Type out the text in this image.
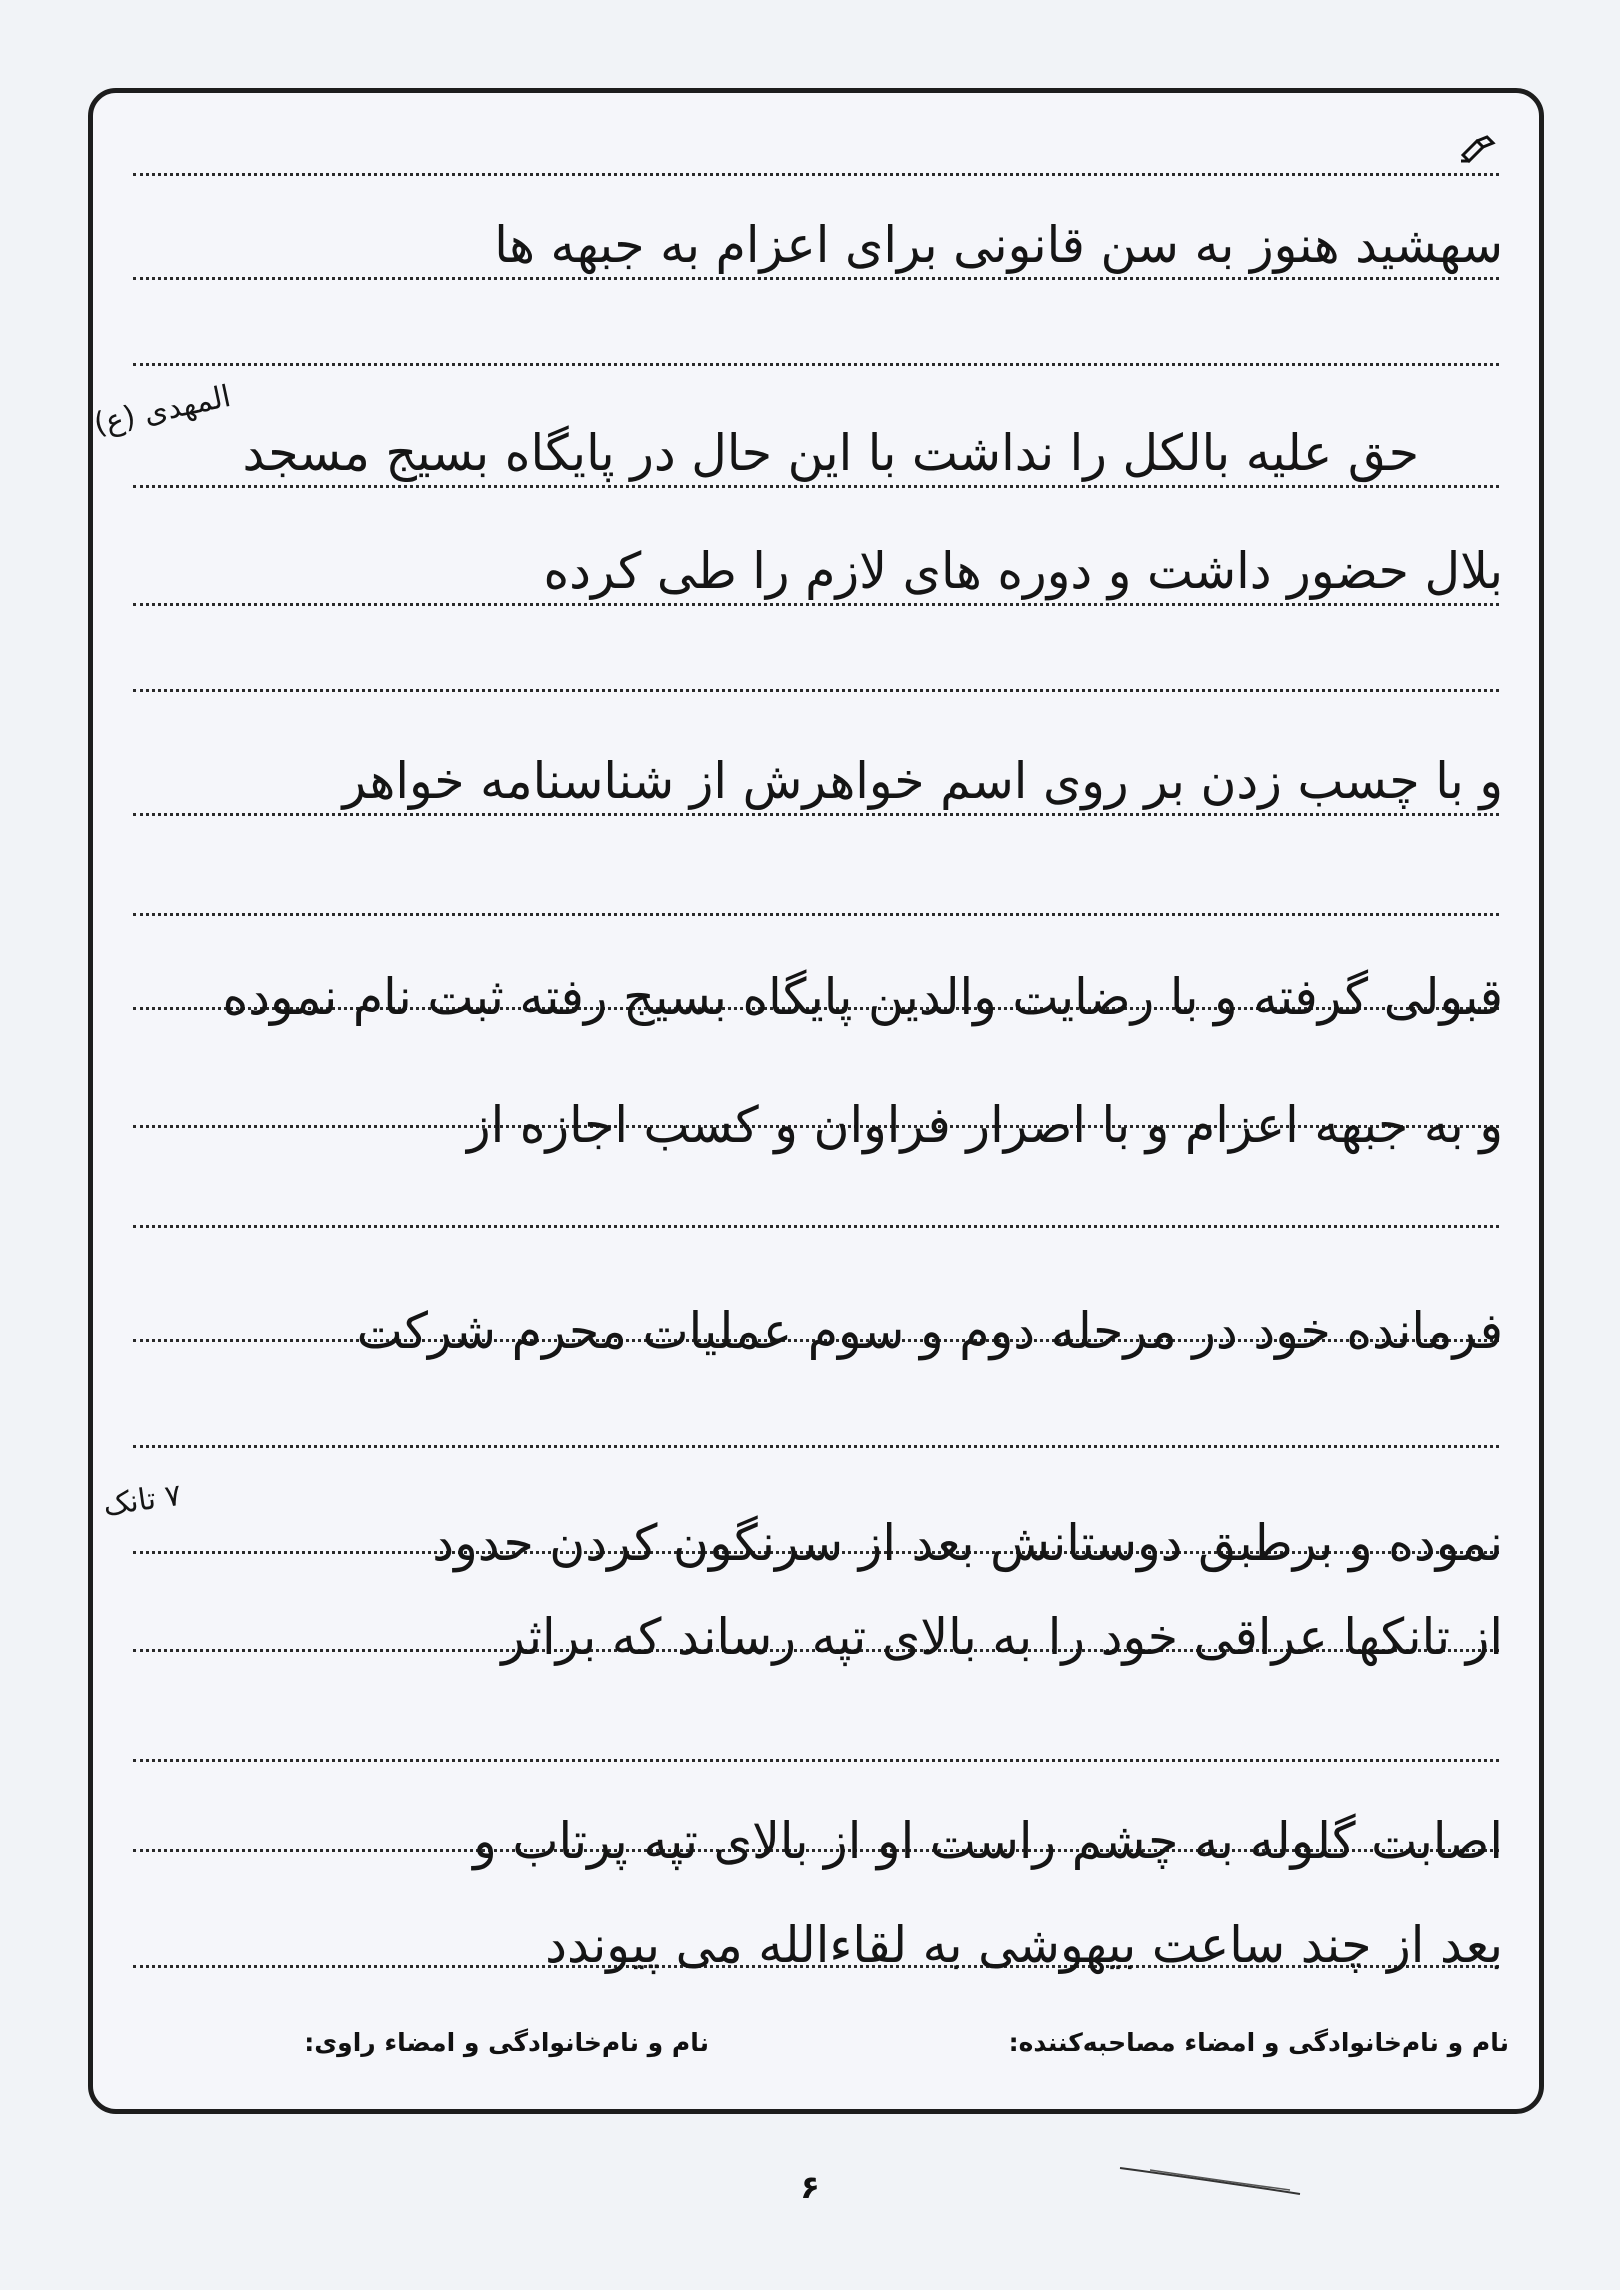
سهشید هنوز به سن قانونی برای اعزام به جبهه ها
حق علیه بالکل را نداشت با این حال در پایگاه بسیج مسجد
بلال حضور داشت و دوره های لازم را طی کرده
و با چسب زدن بر روی اسم خواهرش از شناسنامه خواهر
قبولی گرفته و با رضایت والدین پایگاه بسیج رفته ثبت نام نموده
و به جبهه اعزام و با اصرار فراوان و کسب اجازه از
فرمانده خود در مرحله دوم و سوم عملیات محرم شرکت
نموده و برطبق دوستانش بعد از سرنگون کردن حدود
از تانکها عراقی خود را به بالای تپه رساند که براثر
اصابت گلوله به چشم راست او از بالای تپه پرتاب و
بعد از چند ساعت بیهوشی به لقاءالله می پیوندد
المهدی (ع)
۷ تانک
نام و نام‌خانوادگی و امضاء مصاحبه‌کننده:
نام و نام‌خانوادگی و امضاء راوی:
۶
